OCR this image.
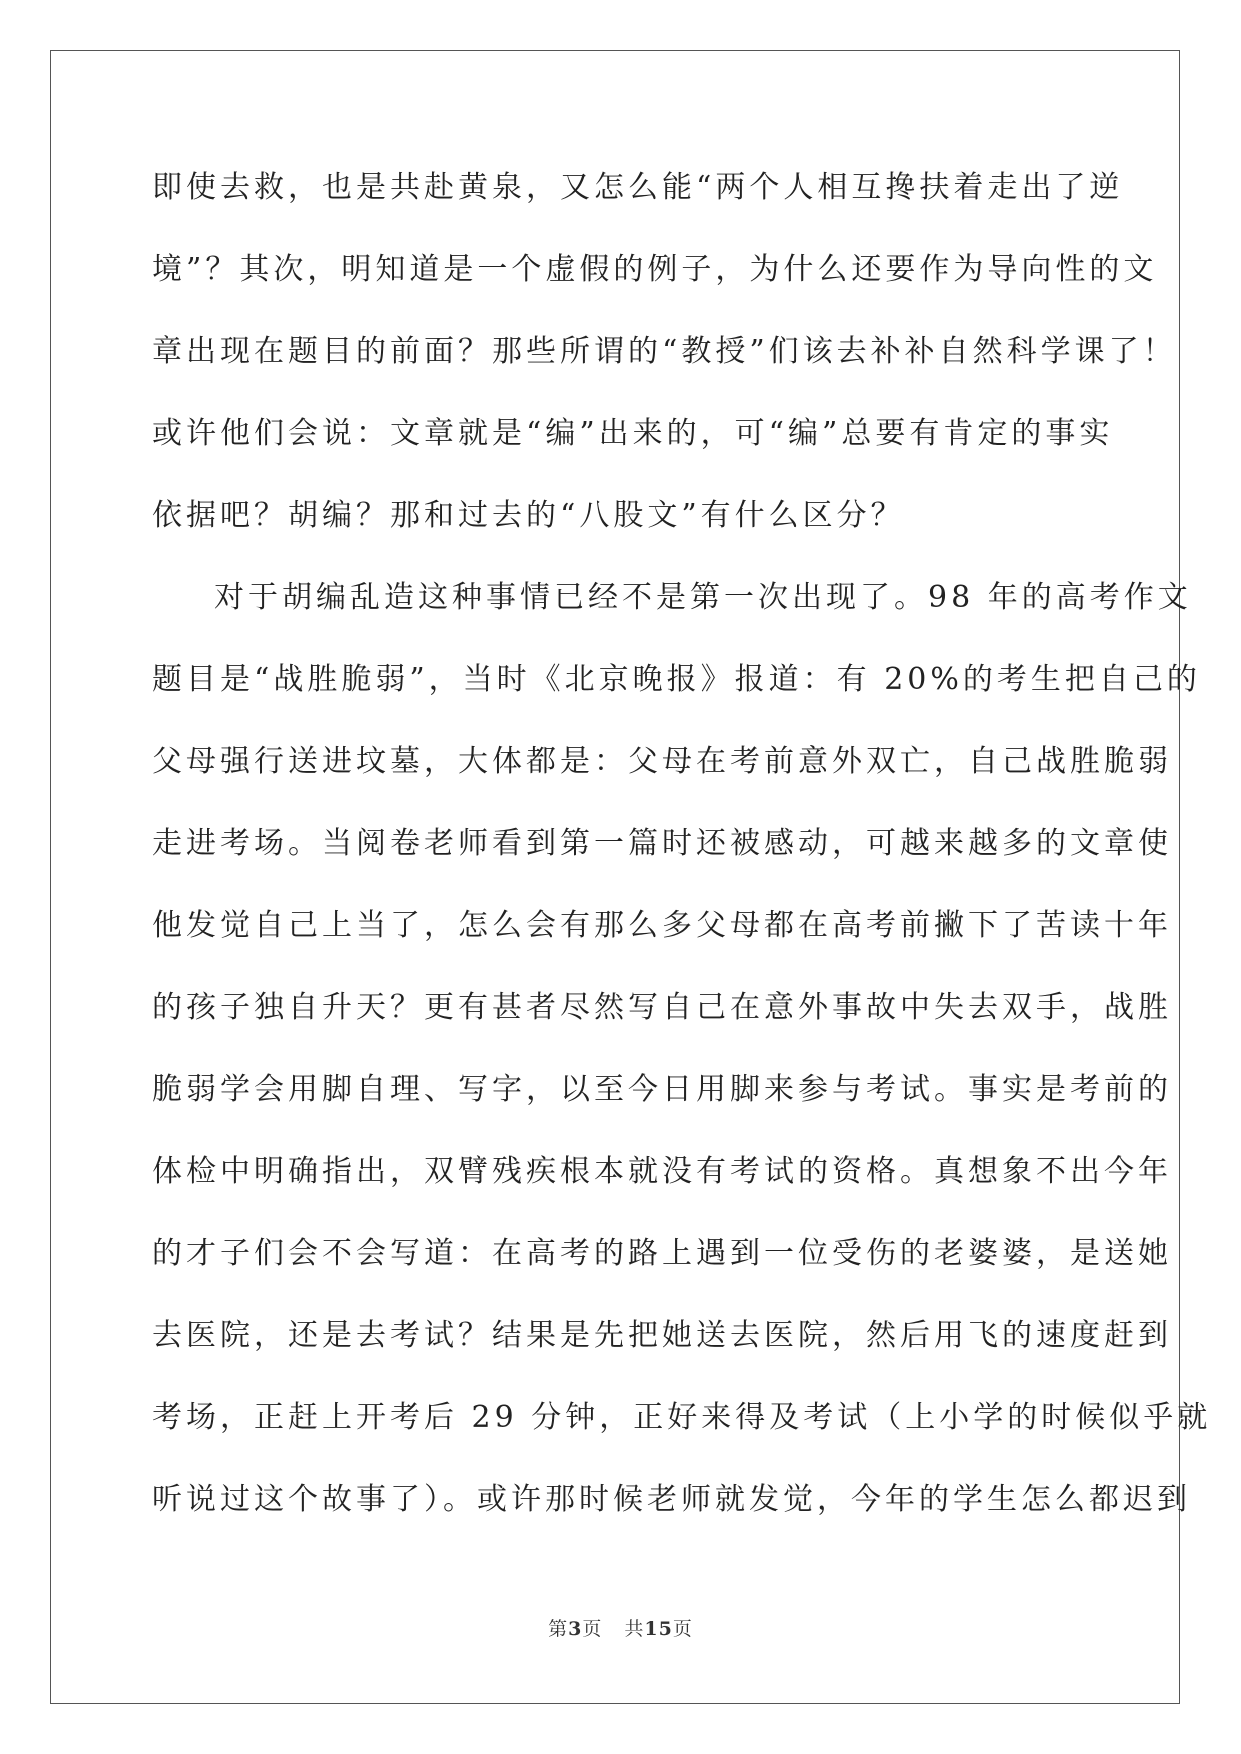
即使去救，也是共赴黄泉，又怎么能“两个人相互搀扶着走出了逆
境”？其次，明知道是一个虚假的例子，为什么还要作为导向性的文
章出现在题目的前面？那些所谓的“教授”们该去补补自然科学课了！
或许他们会说：文章就是“编”出来的，可“编”总要有肯定的事实
依据吧？胡编？那和过去的“八股文”有什么区分？
对于胡编乱造这种事情已经不是第一次出现了。98 年的高考作文
题目是“战胜脆弱”，当时《北京晚报》报道：有 20%的考生把自己的
父母强行送进坟墓，大体都是：父母在考前意外双亡，自己战胜脆弱
走进考场。当阅卷老师看到第一篇时还被感动，可越来越多的文章使
他发觉自己上当了，怎么会有那么多父母都在高考前撇下了苦读十年
的孩子独自升天？更有甚者尽然写自己在意外事故中失去双手，战胜
脆弱学会用脚自理、写字，以至今日用脚来参与考试。事实是考前的
体检中明确指出，双臂残疾根本就没有考试的资格。真想象不出今年
的才子们会不会写道：在高考的路上遇到一位受伤的老婆婆，是送她
去医院，还是去考试？结果是先把她送去医院，然后用飞的速度赶到
考场，正赶上开考后 29 分钟，正好来得及考试（上小学的时候似乎就
听说过这个故事了）。或许那时候老师就发觉，今年的学生怎么都迟到
第3页 共15页
